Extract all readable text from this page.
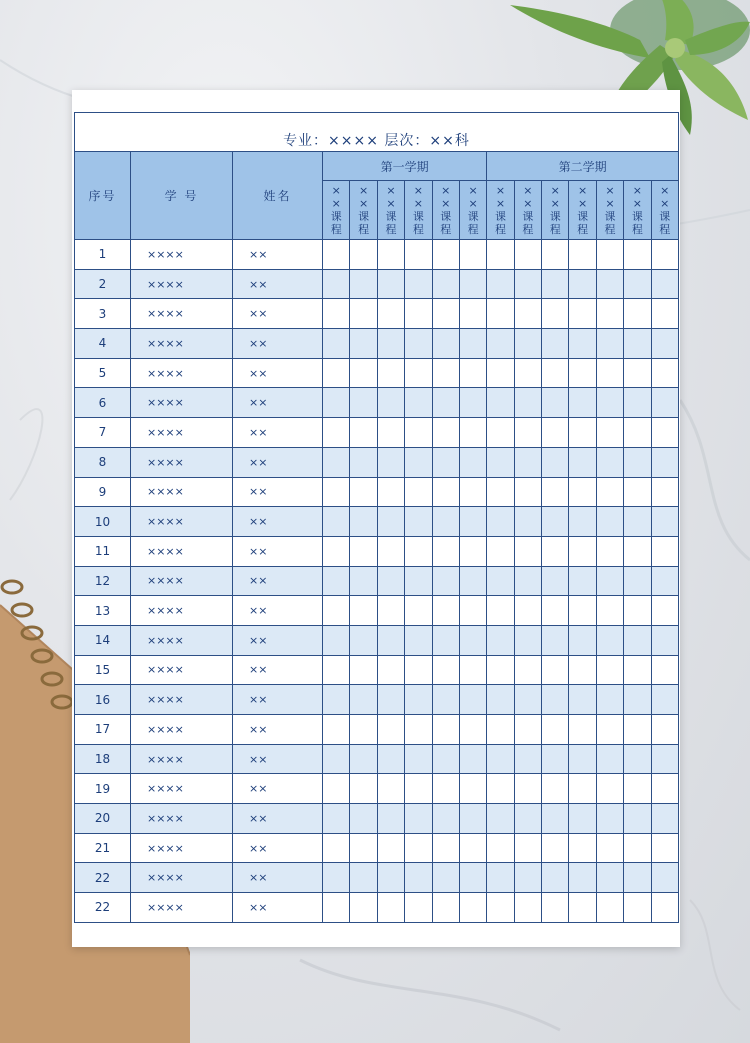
专业：×××× 层次：××科															
序号	学 号	姓名	第一学期						第二学期						
			××课程	××课程	××课程	××课程	××课程	××课程	××课程	××课程	××课程	××课程	××课程	××课程	××课程
1	××××	××													
2	××××	××													
3	××××	××													
4	××××	××													
5	××××	××													
6	××××	××													
7	××××	××													
8	××××	××													
9	××××	××													
10	××××	××													
11	××××	××													
12	××××	××													
13	××××	××													
14	××××	××													
15	××××	××													
16	××××	××													
17	××××	××													
18	××××	××													
19	××××	××													
20	××××	××													
21	××××	××													
22	××××	××													
22	××××	××													
